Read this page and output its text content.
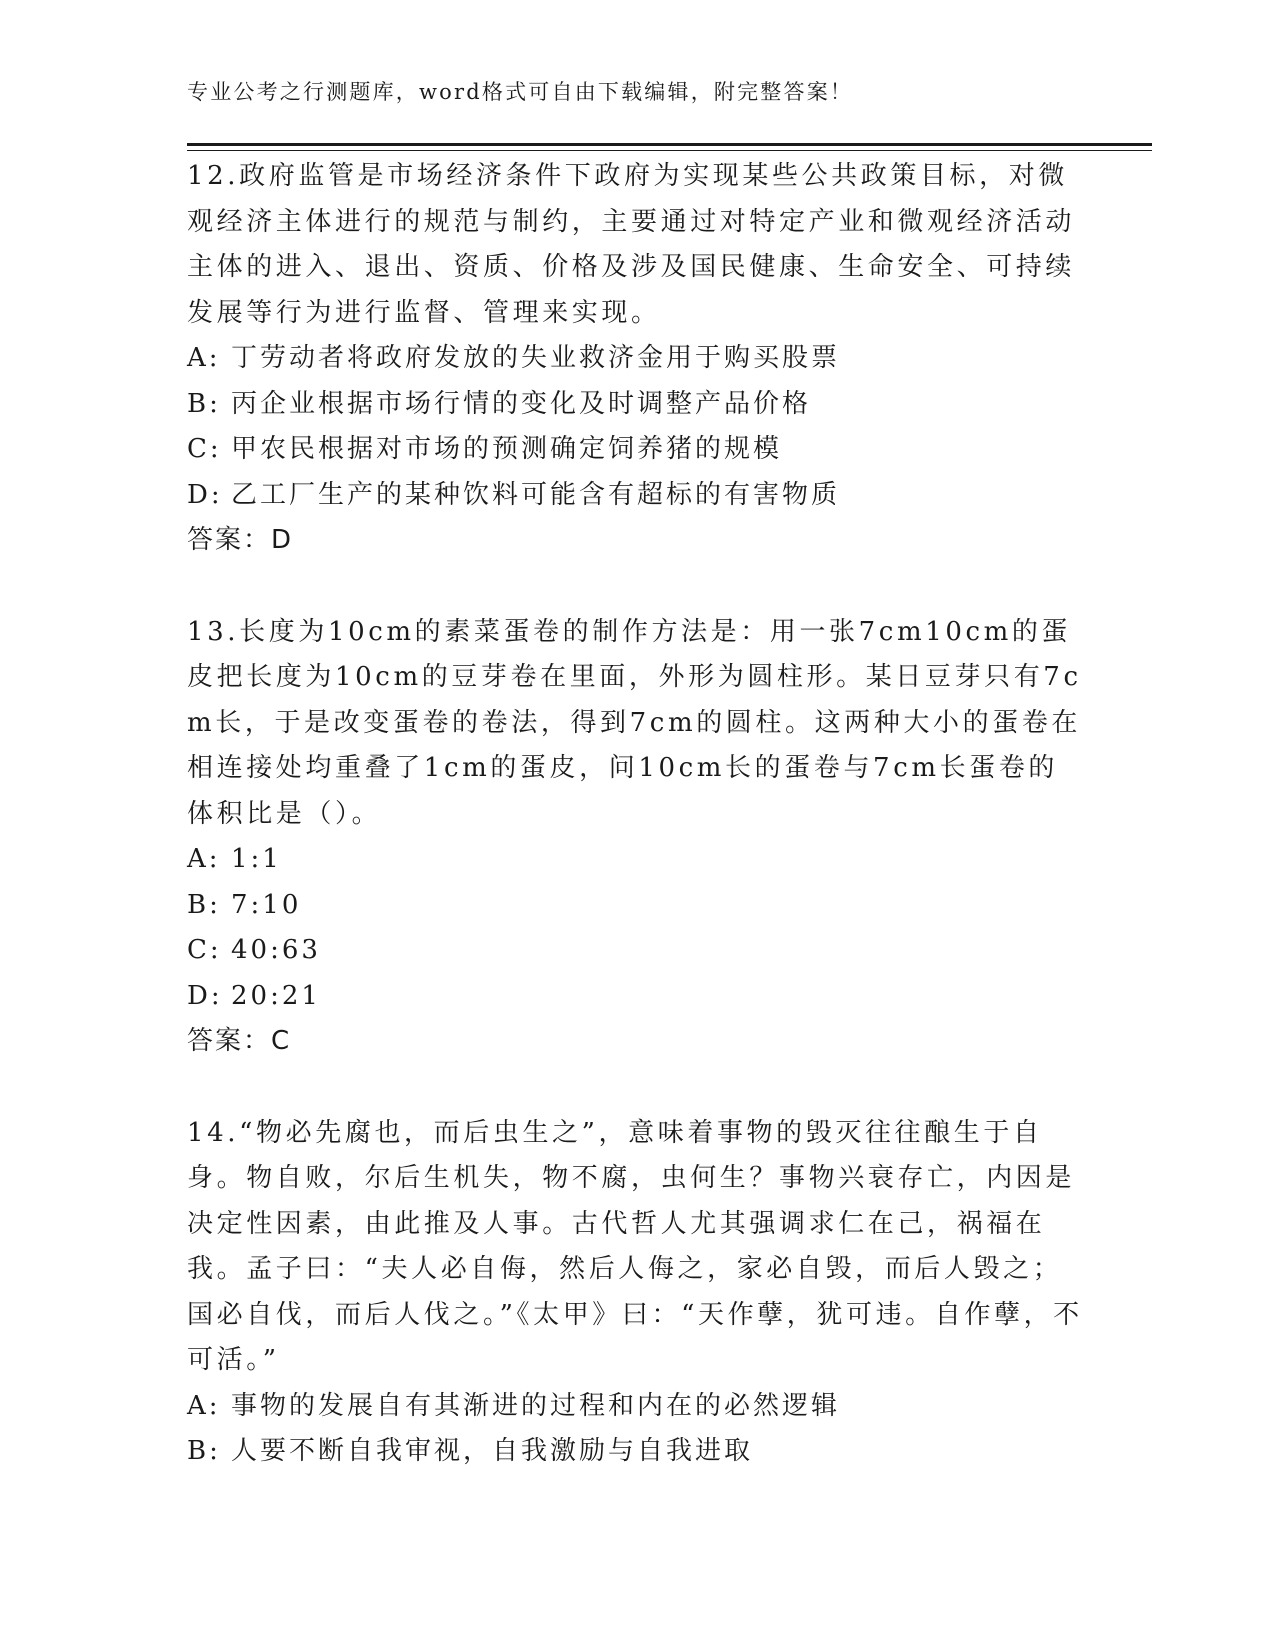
专业公考之行测题库，word格式可自由下载编辑，附完整答案！

12.政府监管是市场经济条件下政府为实现某些公共政策目标，对微观经济主体进行的规范与制约，主要通过对特定产业和微观经济活动主体的进入、退出、资质、价格及涉及国民健康、生命安全、可持续发展等行为进行监督、管理来实现。

A: 丁劳动者将政府发放的失业救济金用于购买股票
B: 丙企业根据市场行情的变化及时调整产品价格
C: 甲农民根据对市场的预测确定饲养猪的规模
D: 乙工厂生产的某种饮料可能含有超标的有害物质
答案：D

13.长度为10cm的素菜蛋卷的制作方法是：用一张7cm10cm的蛋皮把长度为10cm的豆芽卷在里面，外形为圆柱形。某日豆芽只有7cm长，于是改变蛋卷的卷法，得到7cm的圆柱。这两种大小的蛋卷在相连接处均重叠了1cm的蛋皮，问10cm长的蛋卷与7cm长蛋卷的体积比是（）。

A: 1:1
B: 7:10
C: 40:63
D: 20:21
答案：C

14.“物必先腐也，而后虫生之”，意味着事物的毁灭往往酿生于自身。物自败，尔后生机失，物不腐，虫何生？事物兴衰存亡，内因是决定性因素，由此推及人事。古代哲人尤其强调求仁在己，祸福在我。孟子曰：“夫人必自侮，然后人侮之，家必自毁，而后人毁之；国必自伐，而后人伐之。”《太甲》曰：“天作孽，犹可违。自作孽，不可活。”

A: 事物的发展自有其渐进的过程和内在的必然逻辑
B: 人要不断自我审视，自我激励与自我进取
